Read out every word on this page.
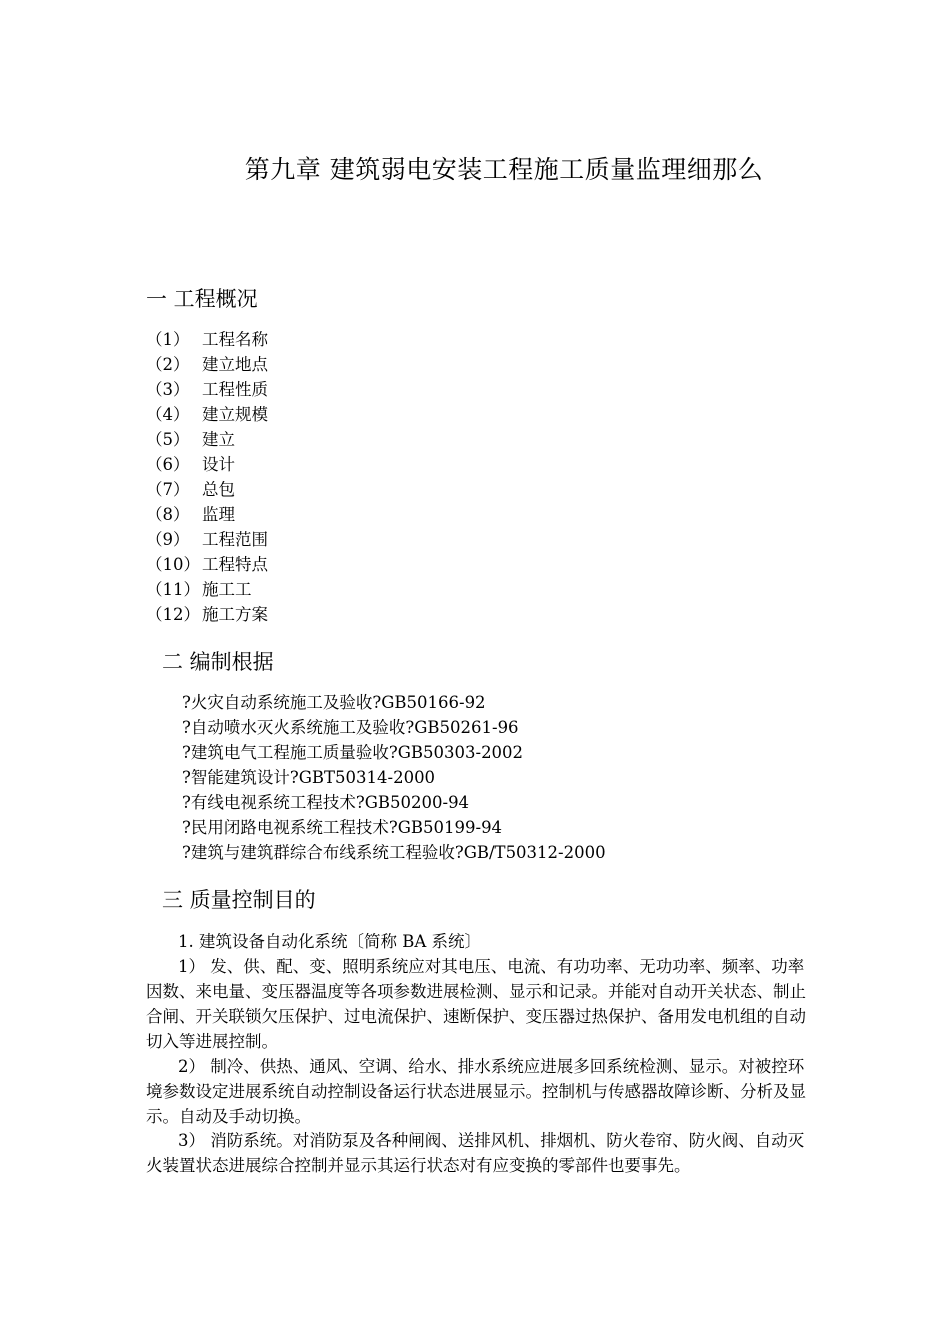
第九章 建筑弱电安装工程施工质量监理细那么
一 工程概况
（1） 工程名称
（2） 建立地点
（3） 工程性质
（4） 建立规模
（5） 建立
（6） 设计
（7） 总包
（8） 监理
（9） 工程范围
（10） 工程特点
（11） 施工工
（12） 施工方案
二 编制根据
?火灾自动系统施工及验收?GB50166-92
?自动喷水灭火系统施工及验收?GB50261-96
?建筑电气工程施工质量验收?GB50303-2002
?智能建筑设计?GBT50314-2000
?有线电视系统工程技术?GB50200-94
?民用闭路电视系统工程技术?GB50199-94
?建筑与建筑群综合布线系统工程验收?GB/T50312-2000
三 质量控制目的

1. 建筑设备自动化系统〔简称 BA 系统〕

1） 发、供、配、变、照明系统应对其电压、电流、有功功率、无功功率、频率、功率因数、来电量、变压器温度等各项参数进展检测、显示和记录。并能对自动开关状态、制止合闸、开关联锁欠压保护、过电流保护、速断保护、变压器过热保护、备用发电机组的自动切入等进展控制。

2） 制冷、供热、通风、空调、给水、排水系统应进展多回系统检测、显示。对被控环境参数设定进展系统自动控制设备运行状态进展显示。控制机与传感器故障诊断、分析及显示。自动及手动切换。

3） 消防系统。对消防泵及各种闸阀、送排风机、排烟机、防火卷帘、防火阀、自动灭火装置状态进展综合控制并显示其运行状态对有应变换的零部件也要事先。
